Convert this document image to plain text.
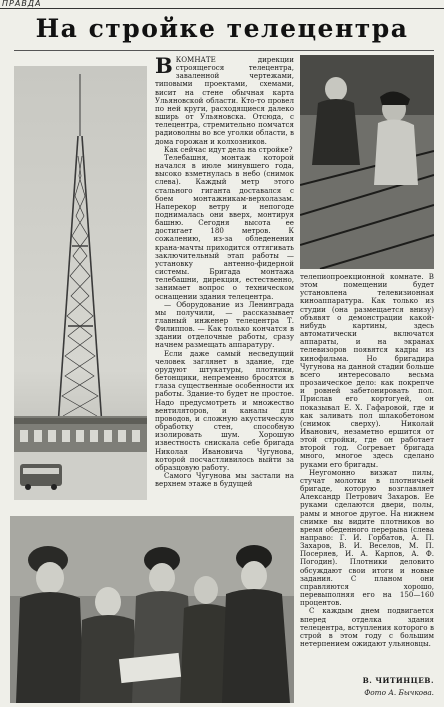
ПРАВДА
На стройке телецентра

ВКОМНАТЕ дирекции строящегося телецентра, заваленной чертежами, типовыми проектами, схемами, висит на стене обычная карта Ульяновской области. Кто-то провел по ней круги, расходящиеся далеко вширь от Ульяновска. Отсюда, с телецентра, стремительно помчатся радиоволны во все уголки области, в дома горожан и колхозников.

Как сейчас идут дела на стройке?

Телебашня, монтаж которой начался в июле минувшего года, высоко взметнулась в небо (снимок слева). Каждый метр этого стального гиганта доставался с боем монтажникам-верхолазам. Наперекор ветру и непогоде поднималась они вверх, монтируя башню. Сегодня высота ее достигает 180 метров. К сожалению, из-за обледенения крана-мачты приходится оттягивать заключительный этап работы — установку антенно-фидерной системы. Бригада монтажа телебашни, дирекция, естественно, занимает вопрос о техническом оснащении здания телецентра.

— Оборудование из Ленинграда мы получили, — рассказывает главный инженер телецентра Т. Филиппов. — Как только кончатся в здании отделочные работы, сразу начнем размещать аппаратуру.

Если даже самый несведущий человек заглянет в здание, где орудуют штукатуры, плотники, бетонщики, непременно бросятся в глаза существенные особенности их работы. Здание-то будет не простое. Надо предусмотреть и множество вентиляторов, и каналы для проводов, и сложную акустическую обработку стен, способную изолировать шум. Хорошую известность снискала себе бригада Николая Ивановича Чугунова, которой посчастливилось выйти за образцовую работу.

Самого Чугунова мы застали на верхнем этаже в будущей

телепиопроекционной комнате. В этом помещении будет установлена телевизионная киноаппаратура. Как только из студии (она размещается внизу) объявят о демонстрации какой-нибудь картины, здесь автоматически включатся аппараты, и на экранах телевизоров появятся кадры из кинофильма. Но бригадира Чугунова на данной стадии больше всего интересовало весьма прозаическое дело: как покрепче и ровней забетонировать пол. Прислав его кортогуей, он показывал Е. Х. Гафаровой, где и как заливать пол шлакобетоном (снимок сверху). Николай Иванович, незаметно ершится от этой стройки, где он работает второй год. Согревает бригада много, многое здесь сделано руками его бригады.

Неугомонно визжат пилы, стучат молотки в плотничьей бригаде, которую возглавляет Александр Петрович Захаров. Ее руками сделаются двери, полы, рамы и многое другое. На нижнем снимке вы видите плотников во время обеденного перерыва (слева направо: Г. И. Горбатов, А. П. Захаров, В. И. Веселов, М. П. Посеряев, И. А. Карпов, А. Ф. Погодин). Плотники деловито обсуждают свои итоги и новые задания. С планом они справляются хорошо, перевыполняя его на 150—160 процентов.

С каждым днем подвигается вперед отделка здания телецентра, вступления которого в строй в этом году с большим нетерпением ожидают ульяновцы.

В. ЧИТИНЦЕВ.
Фото А. Бычкова.
